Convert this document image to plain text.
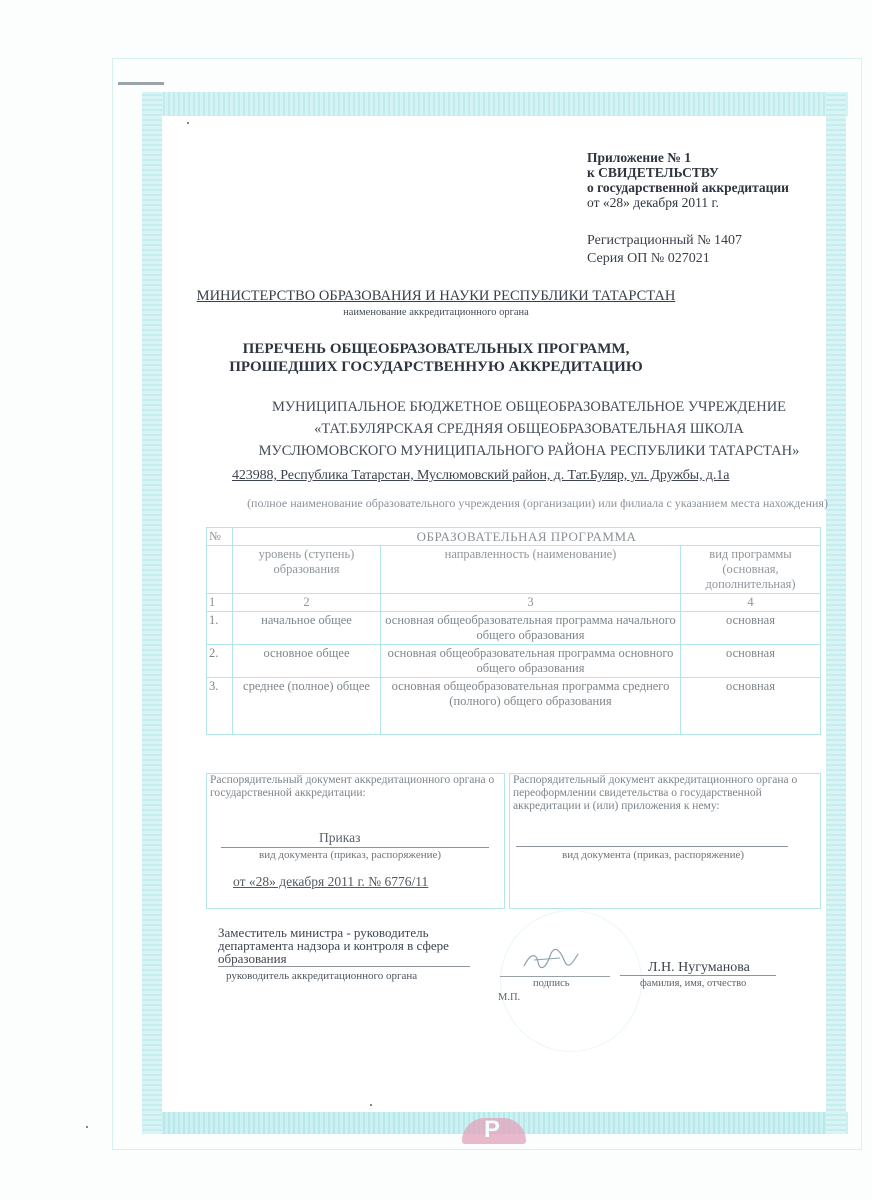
Р
Приложение № 1
к СВИДЕТЕЛЬСТВУ
о государственной аккредитации
от «28» декабря 2011 г.
Регистрационный № 1407
Серия ОП № 027021
МИНИСТЕРСТВО ОБРАЗОВАНИЯ И НАУКИ РЕСПУБЛИКИ ТАТАРСТАН
наименование аккредитационного органа
ПЕРЕЧЕНЬ ОБЩЕОБРАЗОВАТЕЛЬНЫХ ПРОГРАММ,
ПРОШЕДШИХ ГОСУДАРСТВЕННУЮ АККРЕДИТАЦИЮ
МУНИЦИПАЛЬНОЕ БЮДЖЕТНОЕ ОБЩЕОБРАЗОВАТЕЛЬНОЕ УЧРЕЖДЕНИЕ
«ТАТ.БУЛЯРСКАЯ СРЕДНЯЯ ОБЩЕОБРАЗОВАТЕЛЬНАЯ ШКОЛА
МУСЛЮМОВСКОГО МУНИЦИПАЛЬНОГО РАЙОНА РЕСПУБЛИКИ ТАТАРСТАН»
423988, Республика Татарстан, Муслюмовский район, д. Тат.Буляр, ул. Дружбы, д.1а
(полное наименование образовательного учреждения (организации) или филиала с указанием места нахождения)
№	ОБРАЗОВАТЕЛЬНАЯ ПРОГРАММА		
	уровень (ступень) образования	направленность (наименование)	вид программы (основная, дополнительная)
1	2	3	4
1.	начальное общее	основная общеобразовательная программа начального общего образования	основная
2.	основное общее	основная общеобразовательная программа основного общего образования	основная
3.	среднее (полное) общее	основная общеобразовательная программа среднего (полного) общего образования	основная
Распорядительный документ аккредитационного органа о государственной аккредитации:
Приказ
вид документа (приказ, распоряжение)
от «28» декабря 2011 г. № 6776/11
Распорядительный документ аккредитационного органа о переоформлении свидетельства о государственной аккредитации и (или) приложения к нему:
вид документа (приказ, распоряжение)
Заместитель министра - руководитель
департамента надзора и контроля в сфере
образования
руководитель аккредитационного органа
подпись
М.П.
Л.Н. Нугуманова
фамилия, имя, отчество
